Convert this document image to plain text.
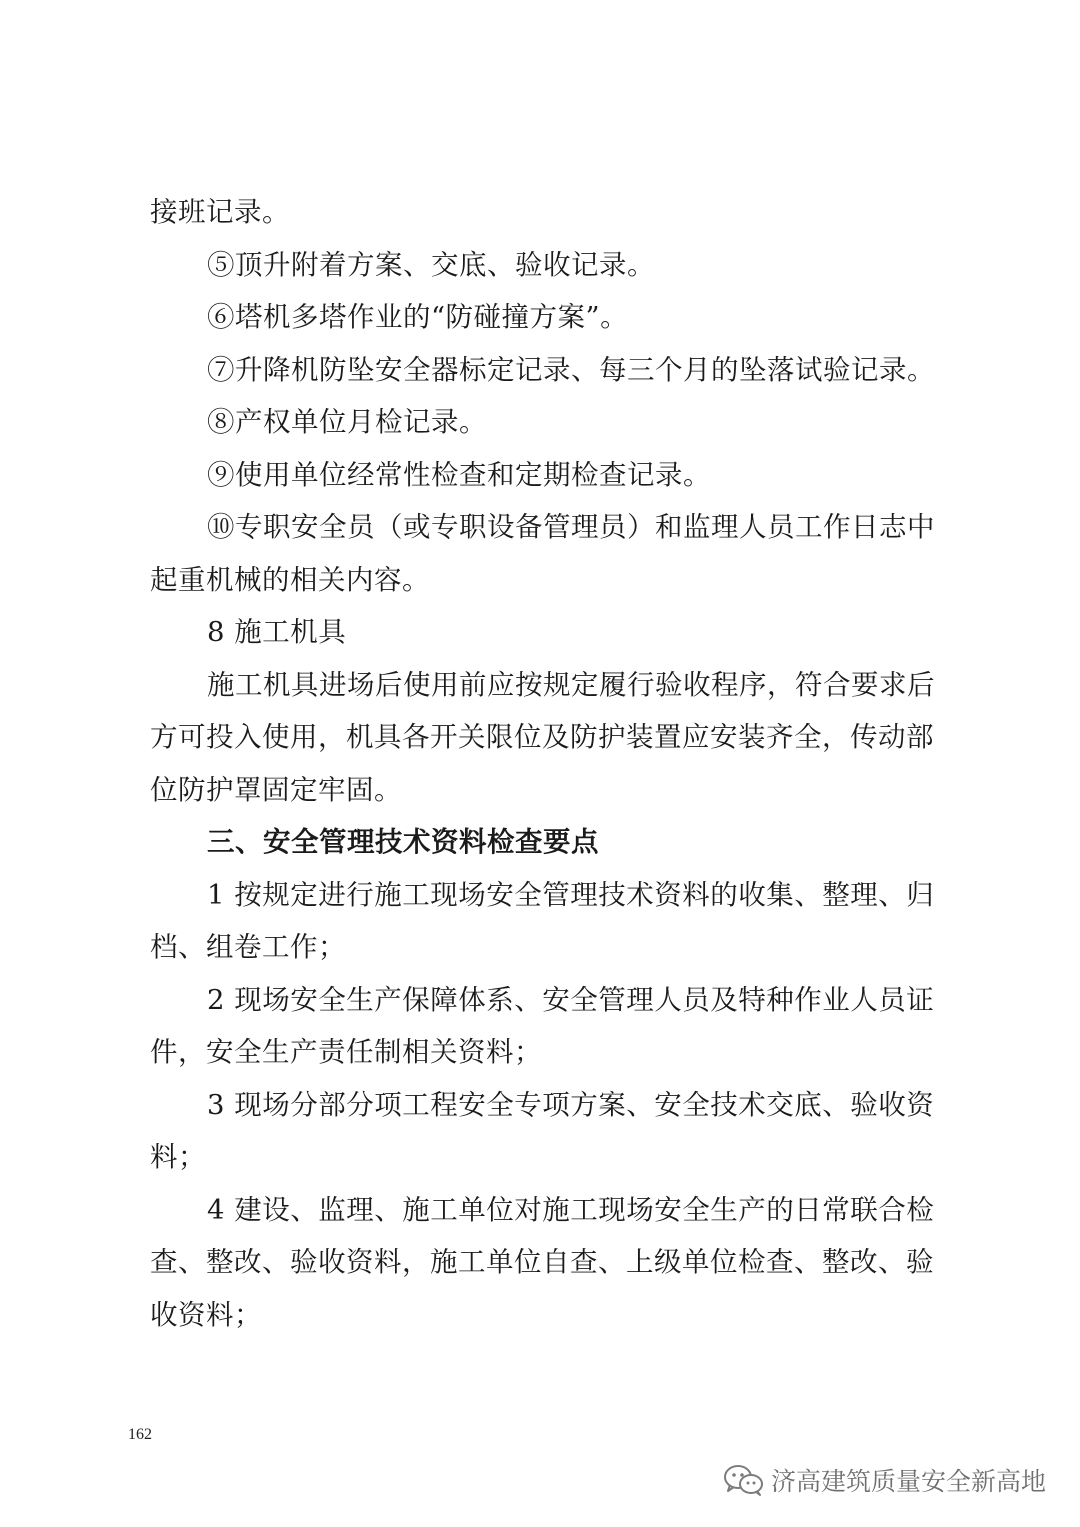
接班记录。
⑤顶升附着方案、交底、验收记录。
⑥塔机多塔作业的“防碰撞方案”。
⑦升降机防坠安全器标定记录、每三个月的坠落试验记录。
⑧产权单位月检记录。
⑨使用单位经常性检查和定期检查记录。
⑩专职安全员（或专职设备管理员）和监理人员工作日志中
起重机械的相关内容。
8 施工机具
施工机具进场后使用前应按规定履行验收程序，符合要求后
方可投入使用，机具各开关限位及防护装置应安装齐全，传动部
位防护罩固定牢固。
三、安全管理技术资料检查要点
1 按规定进行施工现场安全管理技术资料的收集、整理、归
档、组卷工作；
2 现场安全生产保障体系、安全管理人员及特种作业人员证
件，安全生产责任制相关资料；
3 现场分部分项工程安全专项方案、安全技术交底、验收资
料；
4 建设、监理、施工单位对施工现场安全生产的日常联合检
查、整改、验收资料，施工单位自查、上级单位检查、整改、验
收资料；
162
济高建筑质量安全新高地
